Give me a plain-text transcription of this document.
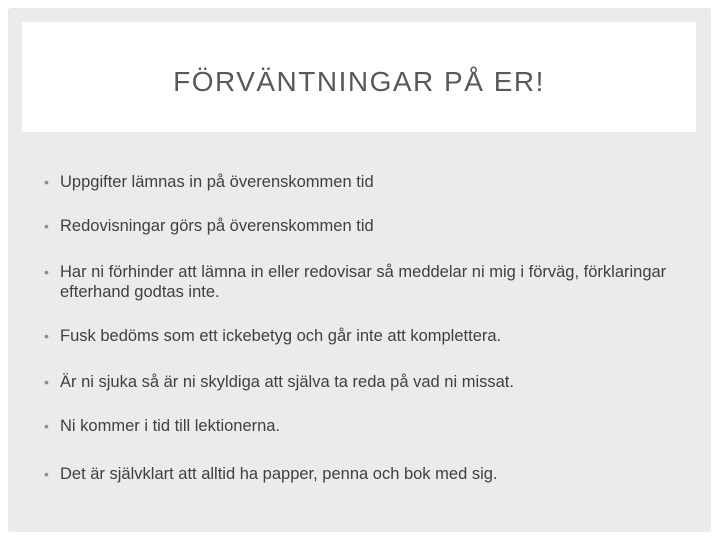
FÖRVÄNTNINGAR PÅ ER!
• Uppgifter lämnas in på överenskommen tid
• Redovisningar görs på överenskommen tid
• Har ni förhinder att lämna in eller redovisar så meddelar ni mig i förväg, förklaringar efterhand godtas inte.
• Fusk bedöms som ett ickebetyg och går inte att komplettera.
• Är ni sjuka så är ni skyldiga att själva ta reda på vad ni missat.
• Ni kommer i tid till lektionerna.
• Det är självklart att alltid ha papper, penna och bok med sig.
